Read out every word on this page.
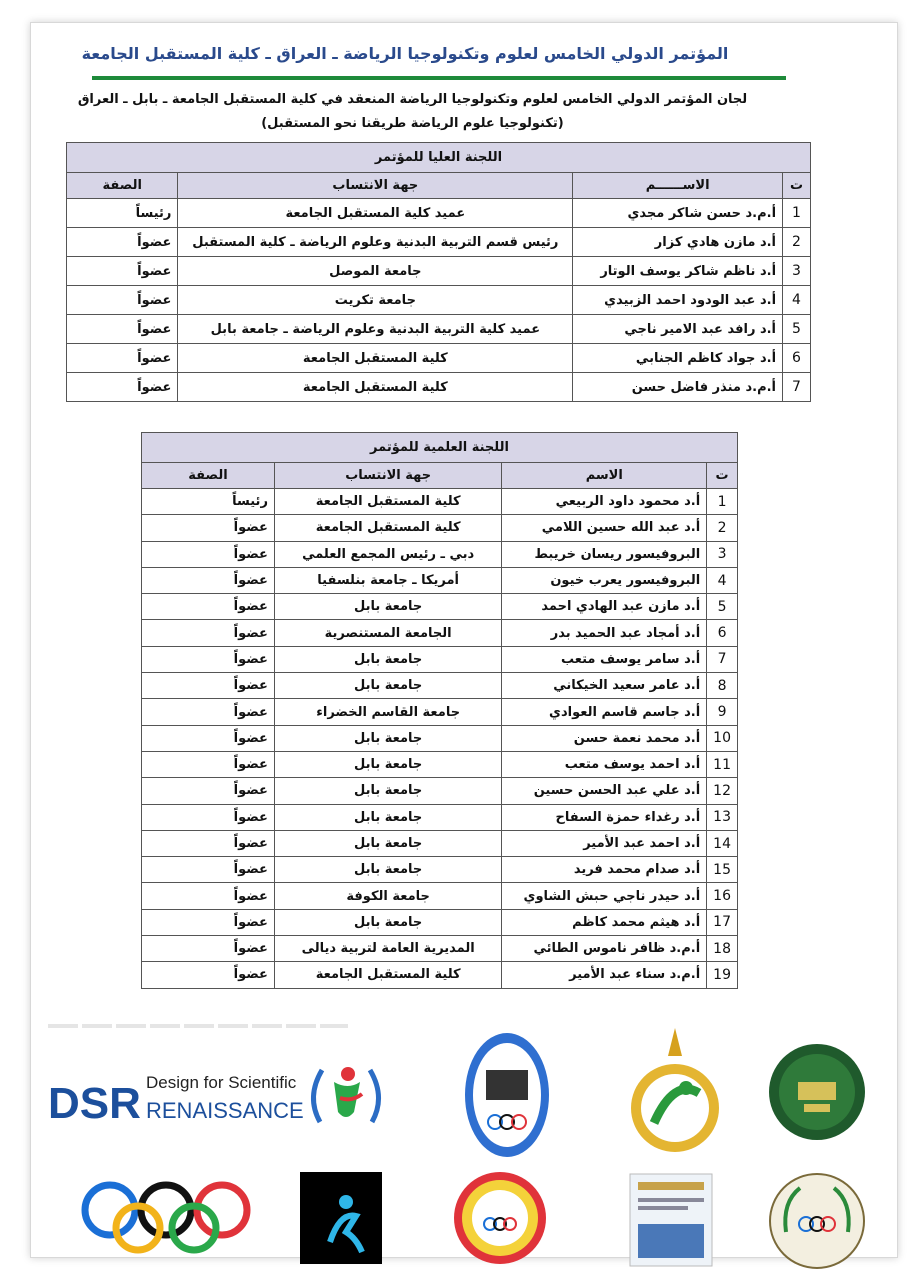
المؤتمر الدولي الخامس لعلوم وتكنولوجيا الرياضة ـ العراق ـ كلية المستقبل الجامعة
لجان المؤتمر الدولي الخامس لعلوم وتكنولوجيا الرياضة المنعقد في كلية المستقبل الجامعة ـ بابل ـ العراق
(تكنولوجيا علوم الرياضة طريقنا نحو المستقبل)
اللجنة العليا للمؤتمر			
ت	الاســــــم	جهة الانتساب	الصفة
1	أ.م.د حسن شاكر مجدي	عميد كلية المستقبل الجامعة	رئيساً
2	أ.د مازن هادي كزار	رئيس قسم التربية البدنية وعلوم الرياضة ـ كلية المستقبل	عضواً
3	أ.د ناظم شاكر يوسف الوتار	جامعة الموصل	عضواً
4	أ.د عبد الودود احمد الزبيدي	جامعة تكريت	عضواً
5	أ.د رافد عبد الامير ناجي	عميد كلية التربية البدنية وعلوم الرياضة ـ جامعة بابل	عضواً
6	أ.د جواد كاظم الجنابي	كلية المستقبل الجامعة	عضواً
7	أ.م.د منذر فاضل حسن	كلية المستقبل الجامعة	عضواً
اللجنة العلمية للمؤتمر			
ت	الاسم	جهة الانتساب	الصفة
1	أ.د محمود داود الربيعي	كلية المستقبل الجامعة	رئيساً
2	أ.د عبد الله حسين اللامي	كلية المستقبل الجامعة	عضواً
3	البروفيسور ريسان خريبط	دبي ـ رئيس المجمع العلمي	عضواً
4	البروفيسور يعرب خيون	أمريكا ـ جامعة بنلسفيا	عضواً
5	أ.د مازن عبد الهادي احمد	جامعة بابل	عضواً
6	أ.د أمجاد عبد الحميد بدر	الجامعة المستنصرية	عضواً
7	أ.د سامر يوسف متعب	جامعة بابل	عضواً
8	أ.د عامر سعيد الخيكاني	جامعة بابل	عضواً
9	أ.د جاسم قاسم العوادي	جامعة القاسم الخضراء	عضواً
10	أ.د محمد نعمة حسن	جامعة بابل	عضواً
11	أ.د احمد يوسف متعب	جامعة بابل	عضواً
12	أ.د علي عبد الحسن حسين	جامعة بابل	عضواً
13	أ.د رغداء حمزة السفاح	جامعة بابل	عضواً
14	أ.د احمد عبد الأمير	جامعة بابل	عضواً
15	أ.د صدام محمد فريد	جامعة بابل	عضواً
16	أ.د حيدر ناجي حبش الشاوي	جامعة الكوفة	عضواً
17	أ.د هيثم محمد كاظم	جامعة بابل	عضواً
18	أ.م.د ظافر ناموس الطائي	المديرية العامة لتربية ديالى	عضواً
19	أ.م.د سناء عبد الأمير	كلية المستقبل الجامعة	عضواً
DSR Design for Scientific
RENAISSANCE
